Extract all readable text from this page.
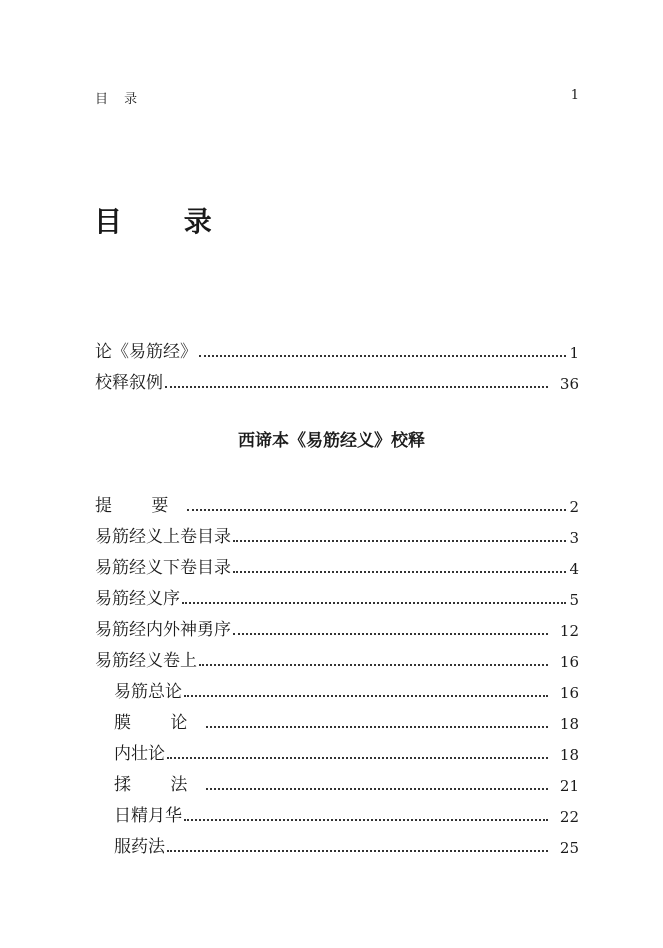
目 录	1
目 录
论《易筋经》	1
校释叙例	36
西谛本《易筋经义》校释
提 要	2
易筋经义上卷目录	3
易筋经义下卷目录	4
易筋经义序	5
易筋经内外神勇序	12
易筋经义卷上	16
易筋总论	16
膜 论	18
内壮论	18
揉 法	21
日精月华	22
服药法	25
